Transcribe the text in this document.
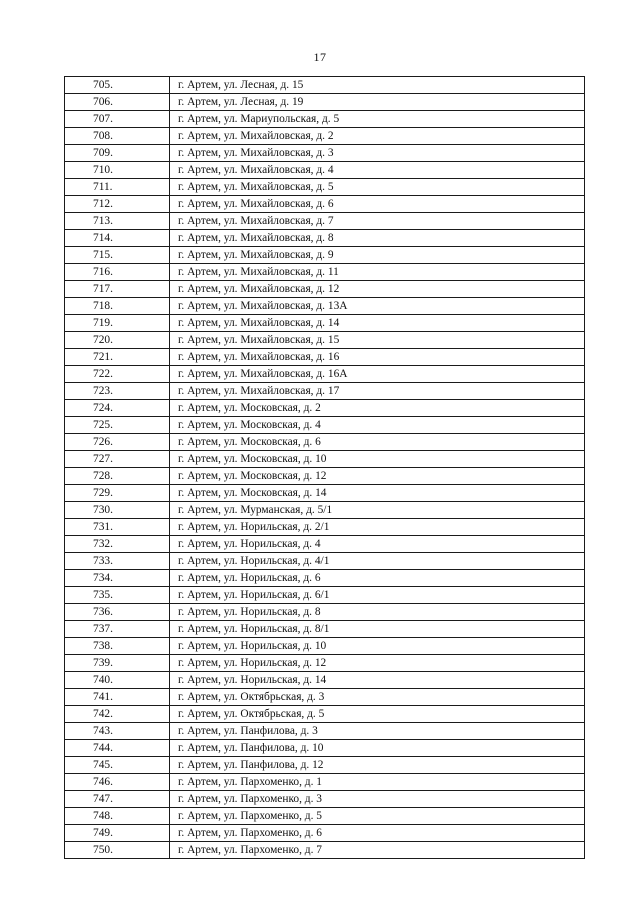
17
705.	г. Артем, ул. Лесная, д. 15
706.	г. Артем, ул. Лесная, д. 19
707.	г. Артем, ул. Мариупольская, д. 5
708.	г. Артем, ул. Михайловская, д. 2
709.	г. Артем, ул. Михайловская, д. 3
710.	г. Артем, ул. Михайловская, д. 4
711.	г. Артем, ул. Михайловская, д. 5
712.	г. Артем, ул. Михайловская, д. 6
713.	г. Артем, ул. Михайловская, д. 7
714.	г. Артем, ул. Михайловская, д. 8
715.	г. Артем, ул. Михайловская, д. 9
716.	г. Артем, ул. Михайловская, д. 11
717.	г. Артем, ул. Михайловская, д. 12
718.	г. Артем, ул. Михайловская, д. 13А
719.	г. Артем, ул. Михайловская, д. 14
720.	г. Артем, ул. Михайловская, д. 15
721.	г. Артем, ул. Михайловская, д. 16
722.	г. Артем, ул. Михайловская, д. 16А
723.	г. Артем, ул. Михайловская, д. 17
724.	г. Артем, ул. Московская, д. 2
725.	г. Артем, ул. Московская, д. 4
726.	г. Артем, ул. Московская, д. 6
727.	г. Артем, ул. Московская, д. 10
728.	г. Артем, ул. Московская, д. 12
729.	г. Артем, ул. Московская, д. 14
730.	г. Артем, ул. Мурманская, д. 5/1
731.	г. Артем, ул. Норильская, д. 2/1
732.	г. Артем, ул. Норильская, д. 4
733.	г. Артем, ул. Норильская, д. 4/1
734.	г. Артем, ул. Норильская, д. 6
735.	г. Артем, ул. Норильская, д. 6/1
736.	г. Артем, ул. Норильская, д. 8
737.	г. Артем, ул. Норильская, д. 8/1
738.	г. Артем, ул. Норильская, д. 10
739.	г. Артем, ул. Норильская, д. 12
740.	г. Артем, ул. Норильская, д. 14
741.	г. Артем, ул. Октябрьская, д. 3
742.	г. Артем, ул. Октябрьская, д. 5
743.	г. Артем, ул. Панфилова, д. 3
744.	г. Артем, ул. Панфилова, д. 10
745.	г. Артем, ул. Панфилова, д. 12
746.	г. Артем, ул. Пархоменко, д. 1
747.	г. Артем, ул. Пархоменко, д. 3
748.	г. Артем, ул. Пархоменко, д. 5
749.	г. Артем, ул. Пархоменко, д. 6
750.	г. Артем, ул. Пархоменко, д. 7
